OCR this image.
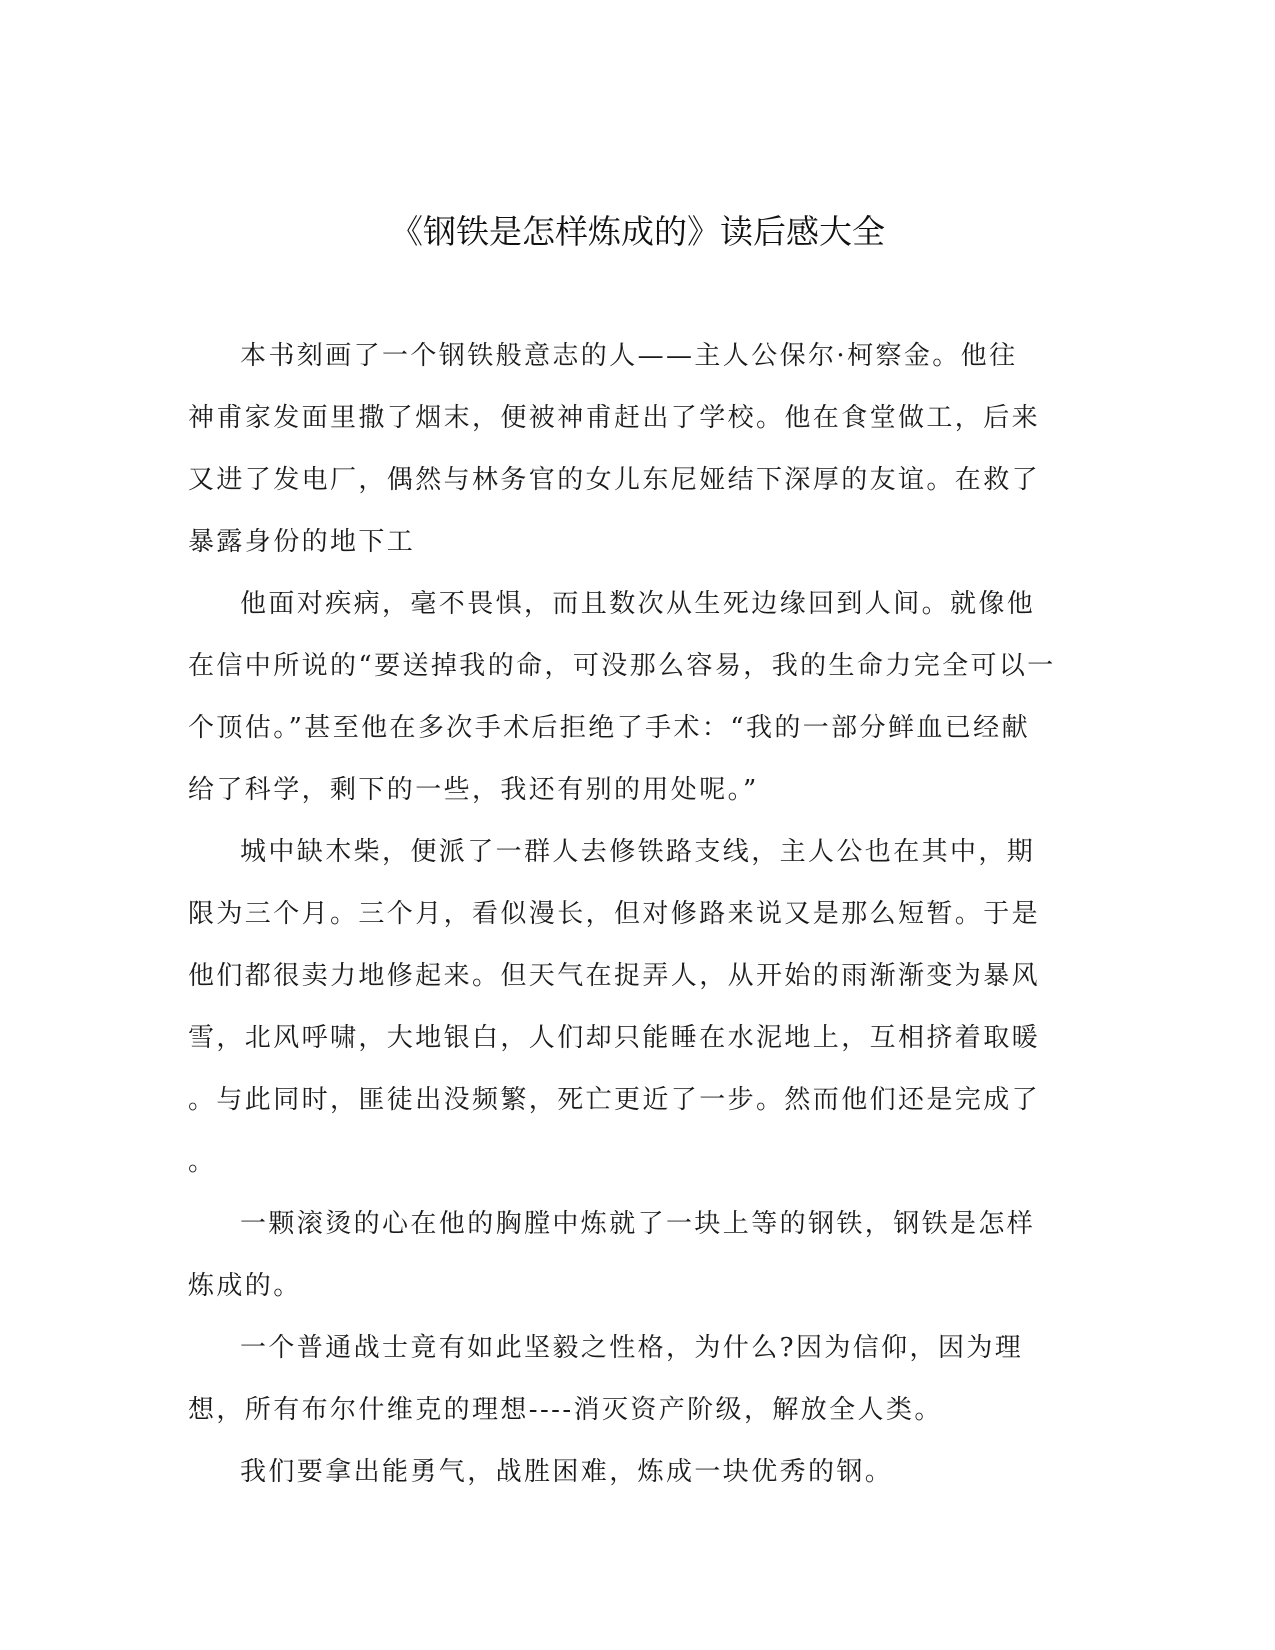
《钢铁是怎样炼成的》读后感大全

本书刻画了一个钢铁般意志的人——主人公保尔·柯察金。他往
神甫家发面里撒了烟末，便被神甫赶出了学校。他在食堂做工，后来
又进了发电厂，偶然与林务官的女儿东尼娅结下深厚的友谊。在救了
暴露身份的地下工

他面对疾病，毫不畏惧，而且数次从生死边缘回到人间。就像他
在信中所说的“要送掉我的命，可没那么容易，我的生命力完全可以一
个顶估。”甚至他在多次手术后拒绝了手术：“我的一部分鲜血已经献
给了科学，剩下的一些，我还有别的用处呢。”

城中缺木柴，便派了一群人去修铁路支线，主人公也在其中，期
限为三个月。三个月，看似漫长，但对修路来说又是那么短暂。于是
他们都很卖力地修起来。但天气在捉弄人，从开始的雨渐渐变为暴风
雪，北风呼啸，大地银白，人们却只能睡在水泥地上，互相挤着取暖
。与此同时，匪徒出没频繁，死亡更近了一步。然而他们还是完成了
。

一颗滚烫的心在他的胸膛中炼就了一块上等的钢铁，钢铁是怎样
炼成的。

一个普通战士竟有如此坚毅之性格，为什么?因为信仰，因为理
想，所有布尔什维克的理想----消灭资产阶级，解放全人类。

我们要拿出能勇气，战胜困难，炼成一块优秀的钢。
